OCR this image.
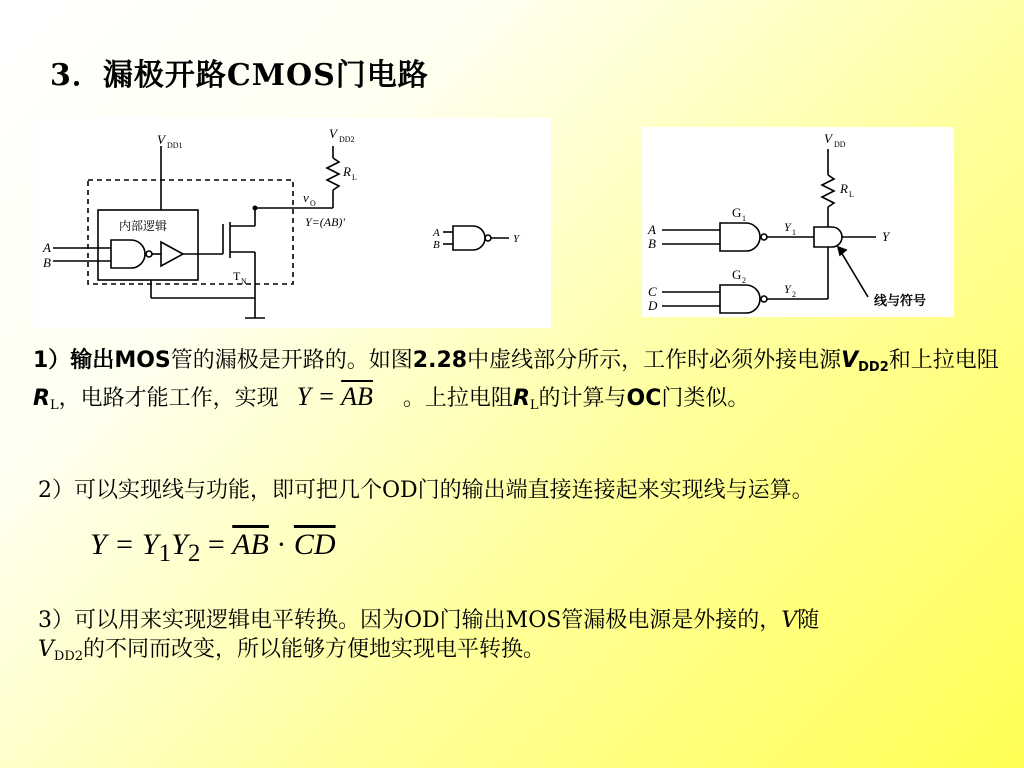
3．漏极开路CMOS门电路
V DD1
V DD2
R L
v O
Y=(AB)'
内部逻辑
T N
A
B
A
B	Y
V DD
R L
G 1
G 2
Y 1
Y 2
A
B
C
D
Y
线与符号
1）输出MOS管的漏极是开路的。如图2.28中虚线部分所示，工作时必须外接电源$V_{DD2}$和上拉电阻$R_L$，电路才能工作，实现 $Y = \overline{AB}$ 。上拉电阻$R_L$的计算与OC门类似。
2）可以实现线与功能，即可把几个OD门的输出端直接连接起来实现线与运算。
$Y = Y_1Y_2 = \overline{AB} \cdot \overline{CD}$
3）可以用来实现逻辑电平转换。因为OD门输出MOS管漏极电源是外接的，V随
$V_{DD2}$的不同而改变，所以能够方便地实现电平转换。
